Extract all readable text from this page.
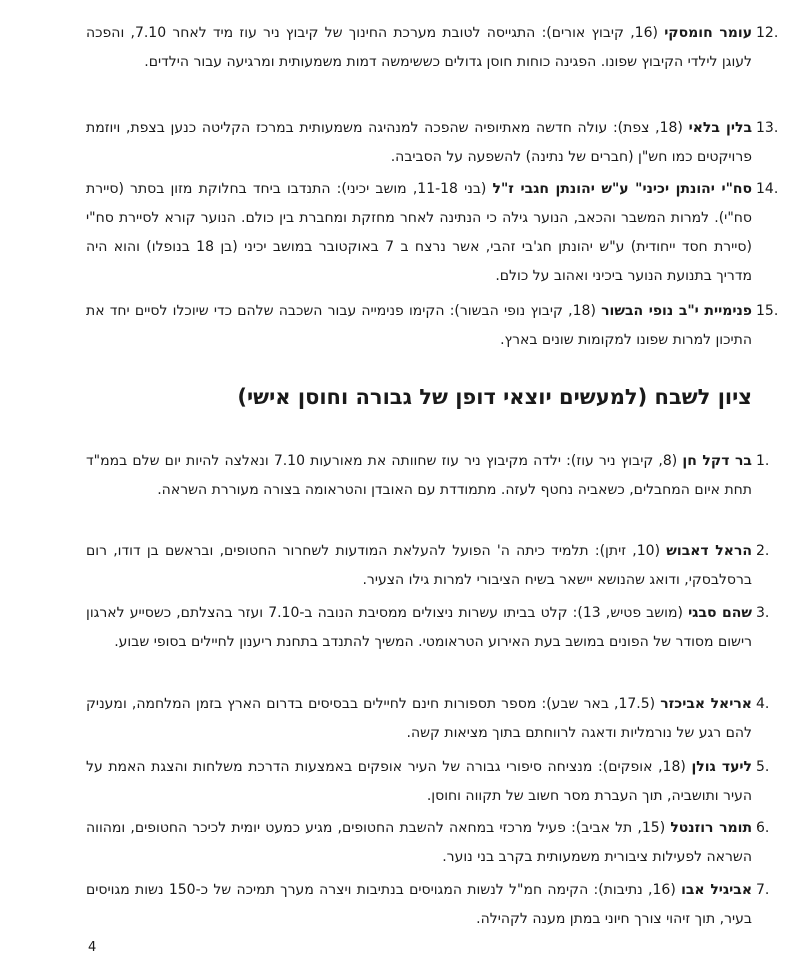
12.
עומר חומסקי (16, קיבוץ אורים): התגייסה לטובת מערכת החינוך של קיבוץ ניר עוז מיד לאחר 7.10, והפכה לעוגן לילדי הקיבוץ שפונו. הפגינה כוחות חוסן גדולים כששימשה דמות משמעותית ומרגיעה עבור הילדים.
13.
בלין בלאי (18, צפת): עולה חדשה מאתיופיה שהפכה למנהיגה משמעותית במרכז הקליטה כנען בצפת, ויוזמת פרויקטים כמו חש"ן (חברים של נתינה) להשפעה על הסביבה.
14.
סח"י יהונתן יכיני" ע"ש יהונתן חגבי ז"ל (בני 11-18, מושב יכיני): התנדבו ביחד בחלוקת מזון בסתר (סיירת סח"י). למרות המשבר והכאב, הנוער גילה כי הנתינה לאחר מחזקת ומחברת בין כולם. הנוער קורא לסיירת סח"י (סיירת חסד ייחודית) ע"ש יהונתן חג'בי זהבי, אשר נרצח ב 7 באוקטובר במושב יכיני (בן 18 בנופלו) והוא היה מדריך בתנועת הנוער ביכיני ואהוב על כולם.
15.
פנימיית י"ב נופי הבשור (18, קיבוץ נופי הבשור): הקימו פנימייה עבור השכבה שלהם כדי שיוכלו לסיים יחד את התיכון למרות שפונו למקומות שונים בארץ.
ציון לשבח (למעשים יוצאי דופן של גבורה וחוסן אישי)
1.
בר דקל חן (8, קיבוץ ניר עוז): ילדה מקיבוץ ניר עוז שחוותה את מאורעות 7.10 ונאלצה להיות יום שלם בממ"ד תחת איום המחבלים, כשאביה נחטף לעזה. מתמודדת עם האובדן והטראומה בצורה מעוררת השראה.
2.
הראל דאבוש (10, זיתן): תלמיד כיתה ה' הפועל להעלאת המודעות לשחרור החטופים, ובראשם בן דודו, רום ברסלבסקי, ודואג שהנושא יישאר בשיח הציבורי למרות גילו הצעיר.
3.
שהם סבגי (מושב פטיש, 13): קלט בביתו עשרות ניצולים ממסיבת הנובה ב-7.10 ועזר בהצלתם, כשסייע לארגון רישום מסודר של הפונים במושב בעת האירוע הטראומטי. המשיך להתנדב בתחנת ריענון לחיילים בסופי שבוע.
4.
אריאל אביכזר (17.5, באר שבע): מספר תספורות חינם לחיילים בבסיסים בדרום הארץ בזמן המלחמה, ומעניק להם רגע של נורמליות ודאגה לרווחתם בתוך מציאות קשה.
5.
ליעד גולן (18, אופקים): מנציחה סיפורי גבורה של העיר אופקים באמצעות הדרכת משלחות והצגת האמת על העיר ותושביה, תוך העברת מסר חשוב של תקווה וחוסן.
6.
תומר רוזנטל (15, תל אביב): פעיל מרכזי במחאה להשבת החטופים, מגיע כמעט יומית לכיכר החטופים, ומהווה השראה לפעילות ציבורית משמעותית בקרב בני נוער.
7.
אביגיל אבו (16, נתיבות): הקימה חמ"ל לנשות המגויסים בנתיבות ויצרה מערך תמיכה של כ-150 נשות מגויסים בעיר, תוך זיהוי צורך חיוני במתן מענה לקהילה.
4
